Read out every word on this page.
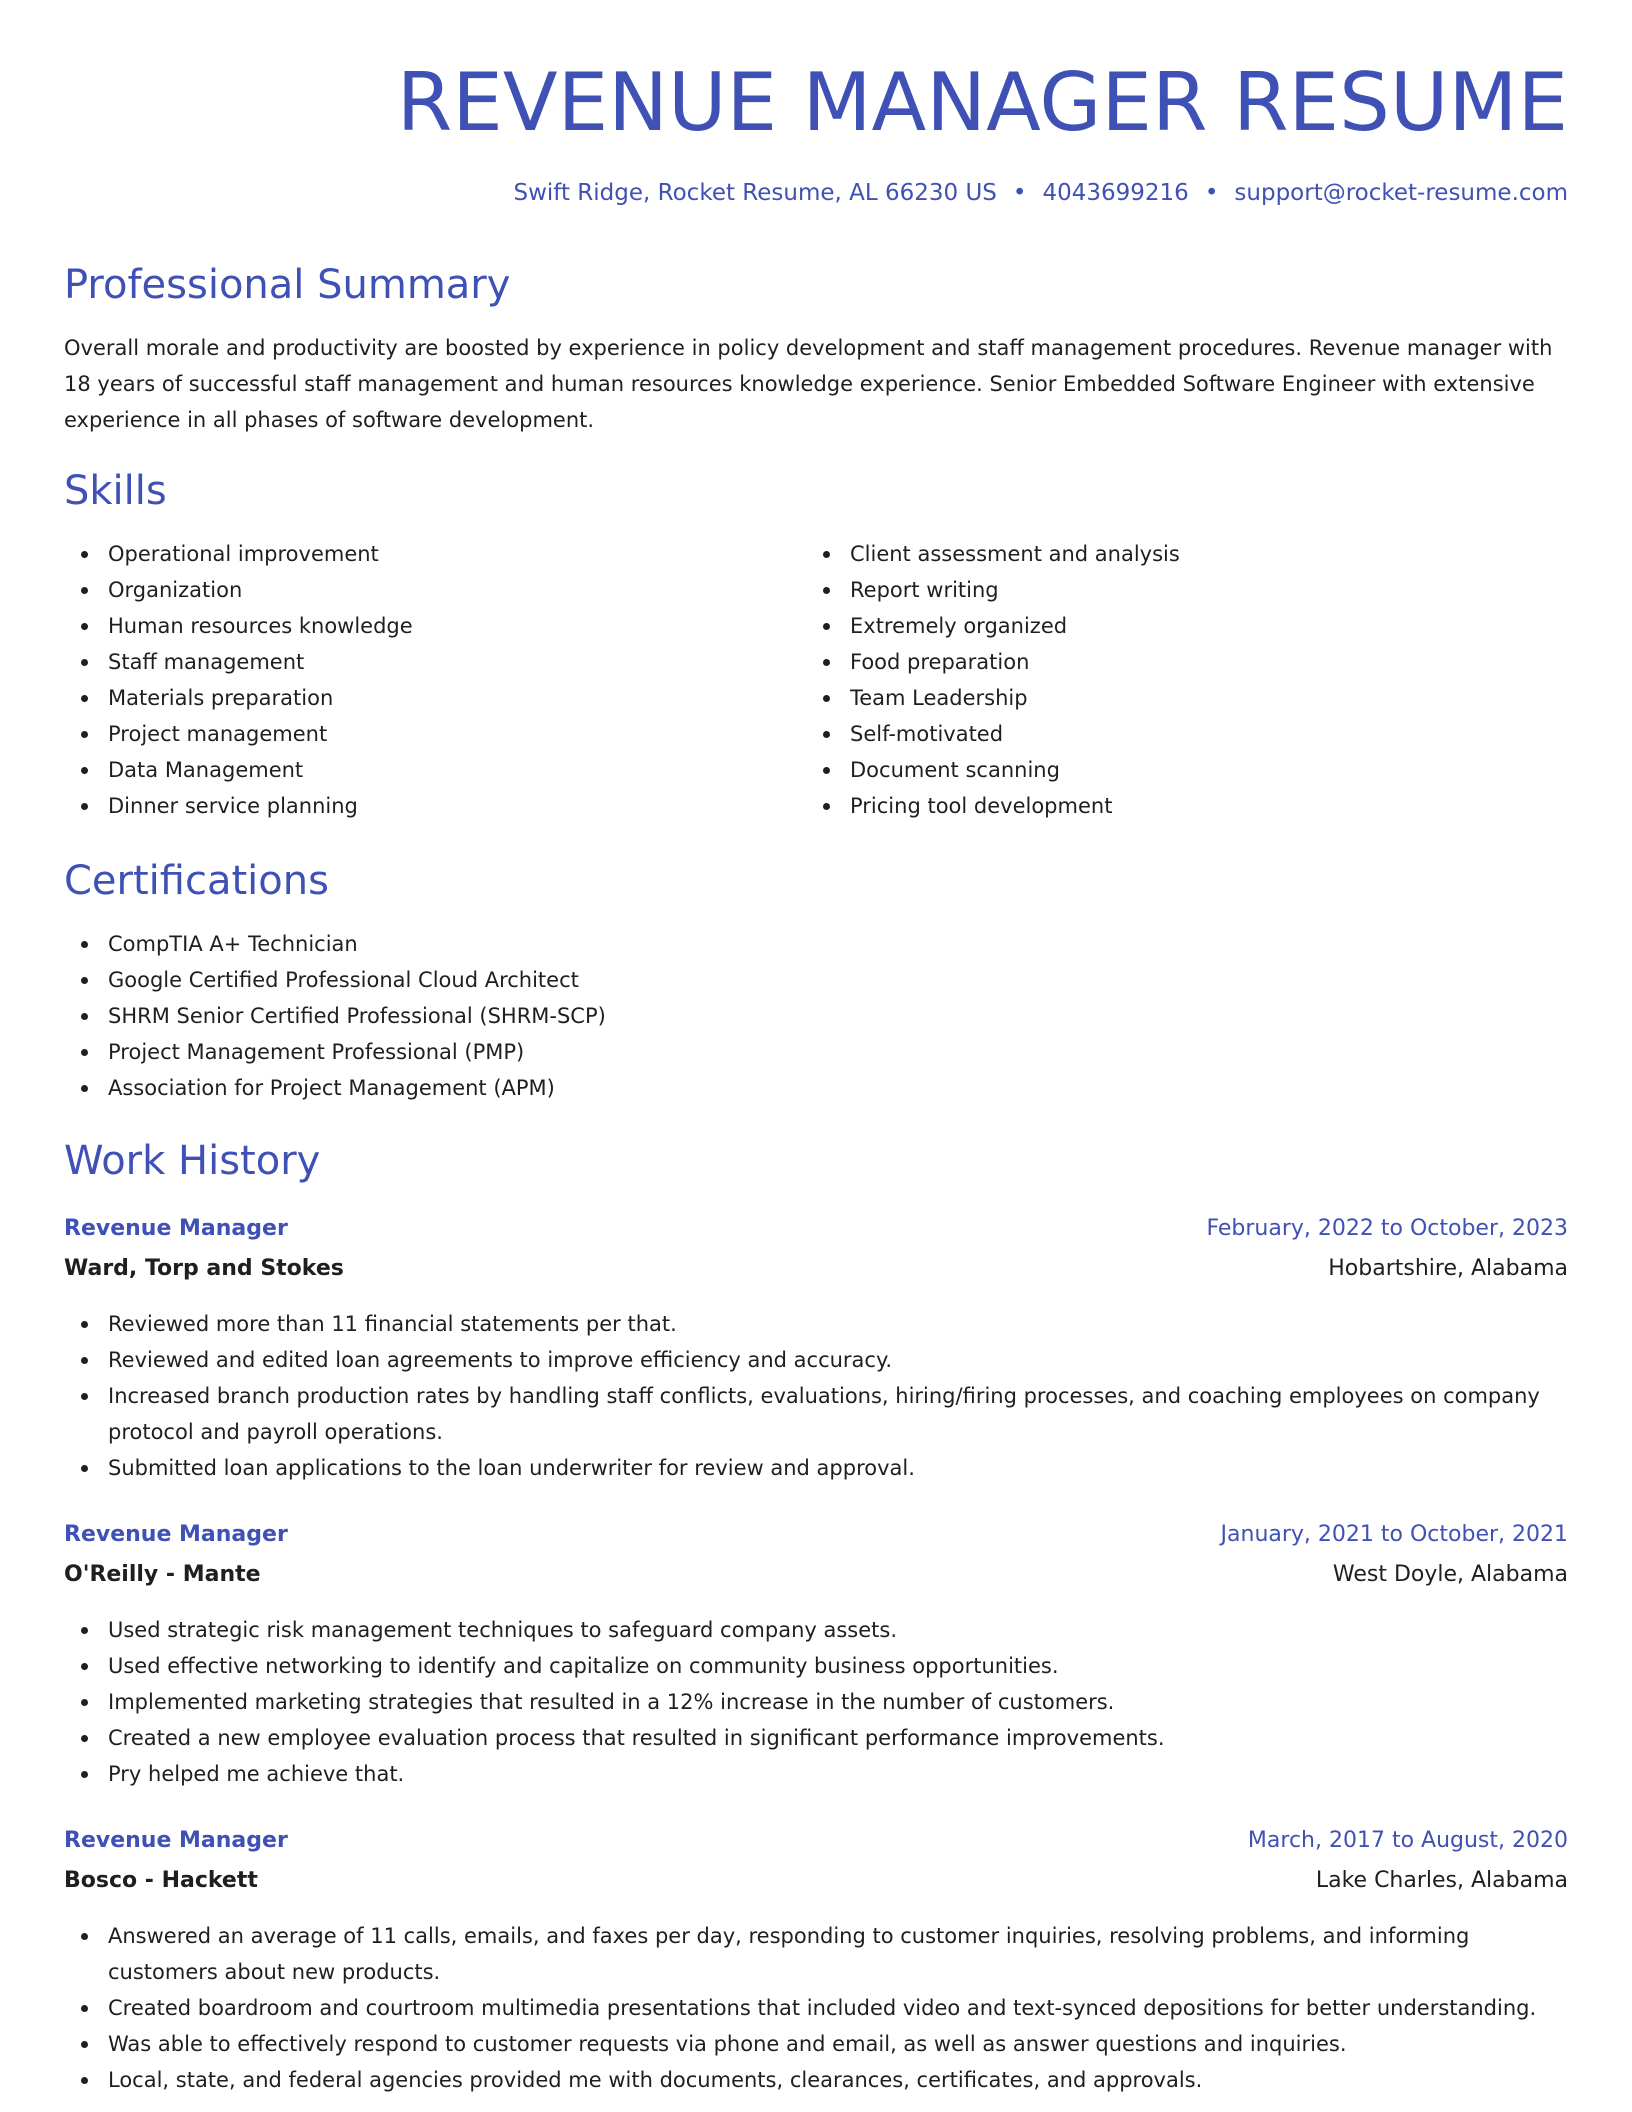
REVENUE MANAGER RESUME
Swift Ridge, Rocket Resume, AL 66230 US • 4043699216 • support@rocket-resume.com
Professional Summary

Overall morale and productivity are boosted by experience in policy development and staff management procedures. Revenue manager with 18 years of successful staff management and human resources knowledge experience. Senior Embedded Software Engineer with extensive experience in all phases of software development.

Skills
Operational improvement
Organization
Human resources knowledge
Staff management
Materials preparation
Project management
Data Management
Dinner service planning
Client assessment and analysis
Report writing
Extremely organized
Food preparation
Team Leadership
Self-motivated
Document scanning
Pricing tool development
Certifications
CompTIA A+ Technician
Google Certified Professional Cloud Architect
SHRM Senior Certified Professional (SHRM-SCP)
Project Management Professional (PMP)
Association for Project Management (APM)
Work History
Revenue Manager	February, 2022 to October, 2023
Ward, Torp and Stokes	Hobartshire, Alabama
Reviewed more than 11 financial statements per that.
Reviewed and edited loan agreements to improve efficiency and accuracy.
Increased branch production rates by handling staff conflicts, evaluations, hiring/firing processes, and coaching employees on company protocol and payroll operations.
Submitted loan applications to the loan underwriter for review and approval.
Revenue Manager	January, 2021 to October, 2021
O'Reilly - Mante	West Doyle, Alabama
Used strategic risk management techniques to safeguard company assets.
Used effective networking to identify and capitalize on community business opportunities.
Implemented marketing strategies that resulted in a 12% increase in the number of customers.
Created a new employee evaluation process that resulted in significant performance improvements.
Pry helped me achieve that.
Revenue Manager	March, 2017 to August, 2020
Bosco - Hackett	Lake Charles, Alabama
Answered an average of 11 calls, emails, and faxes per day, responding to customer inquiries, resolving problems, and informing customers about new products.
Created boardroom and courtroom multimedia presentations that included video and text-synced depositions for better understanding.
Was able to effectively respond to customer requests via phone and email, as well as answer questions and inquiries.
Local, state, and federal agencies provided me with documents, clearances, certificates, and approvals.
